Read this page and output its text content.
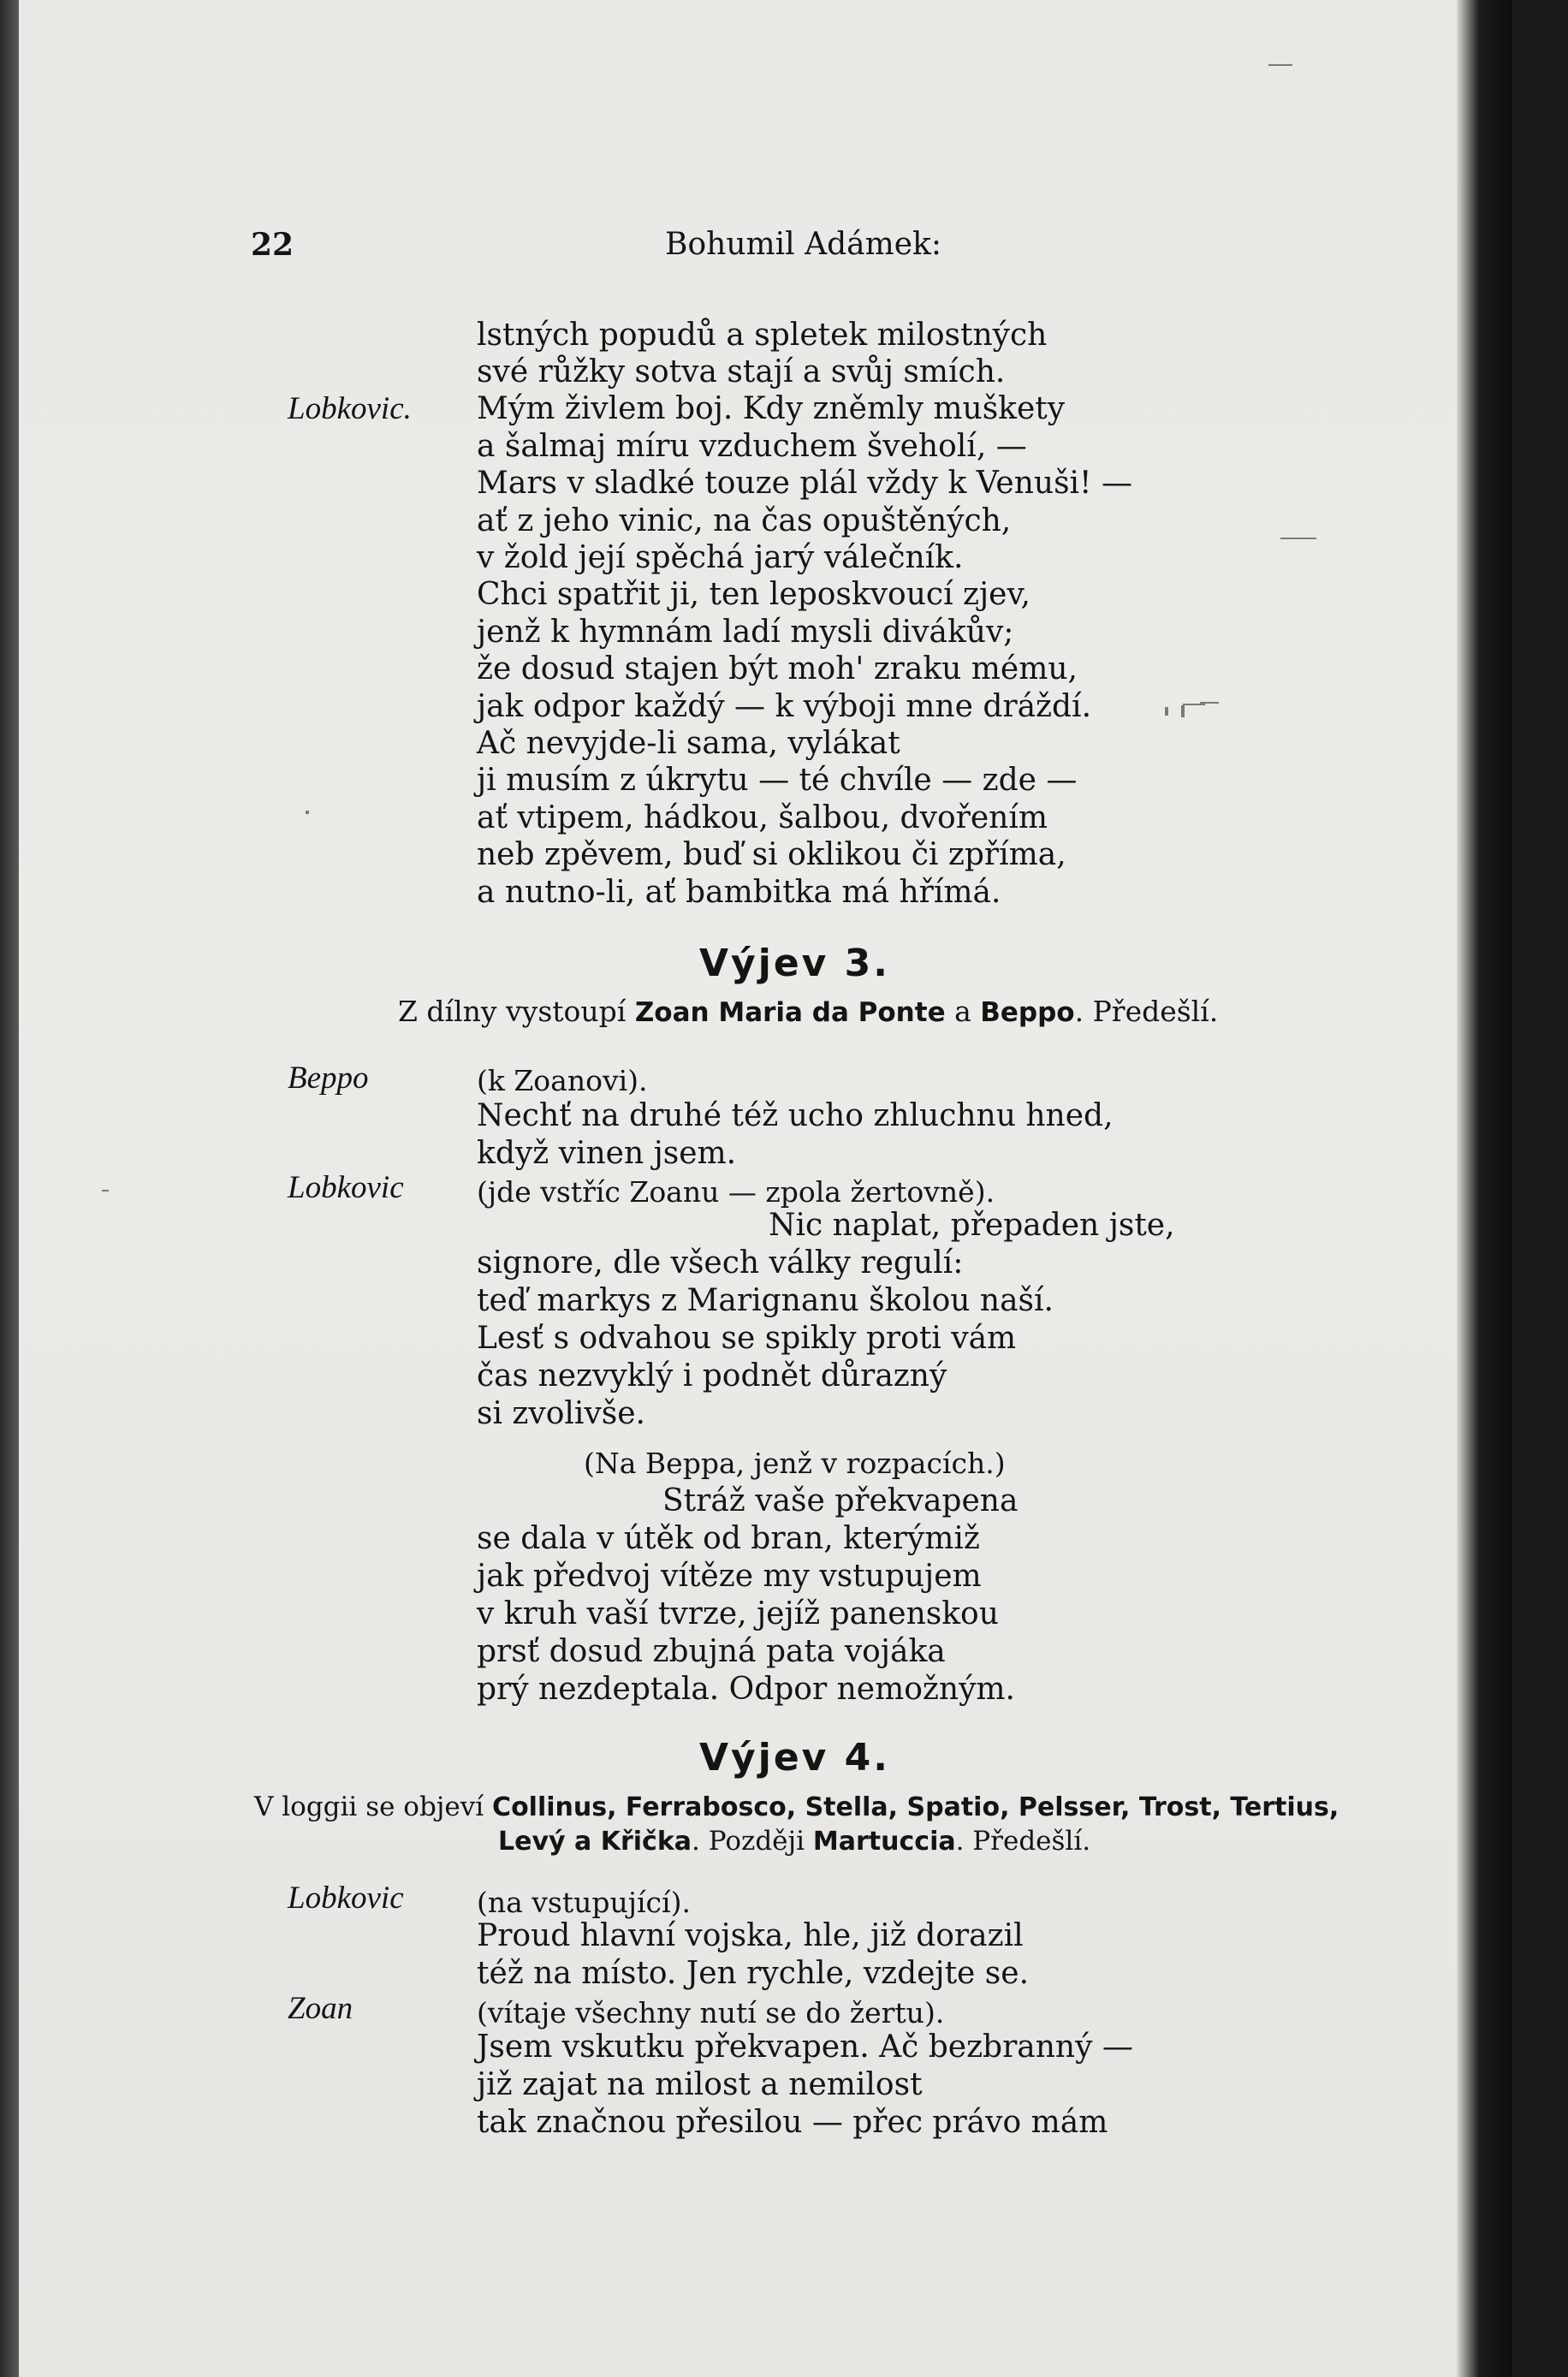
22	Bohumil Adámek:
lstných popudů a spletek milostných
své růžky sotva stají a svůj smích.
Lobkovic. Mým živlem boj. Kdy zněmly muškety
a šalmaj míru vzduchem šveholí, —
Mars v sladké touze plál vždy k Venuši! —
ať z jeho vinic, na čas opuštěných,
v žold její spěchá jarý válečník.
Chci spatřit ji, ten leposkvoucí zjev,
jenž k hymnám ladí mysli divákův;
že dosud stajen být moh' zraku mému,
jak odpor každý — k výboji mne dráždí.
Ač nevyjde-li sama, vylákat
ji musím z úkrytu — té chvíle — zde —
ať vtipem, hádkou, šalbou, dvořením
neb zpěvem, buď si oklikou či zpříma,
a nutno-li, ať bambitka má hřímá.
Výjev 3.
Z dílny vystoupí Zoan Maria da Ponte a Beppo. Předešlí.
Beppo	(k Zoanovi).
Nechť na druhé též ucho zhluchnu hned,
když vinen jsem.
Lobkovic	(jde vstříc Zoanu — zpola žertovně).
Nic naplat, přepaden jste,
signore, dle všech války regulí:
teď markys z Marignanu školou naší.
Lesť s odvahou se spikly proti vám
čas nezvyklý i podnět důrazný
si zvolivše.
(Na Beppa, jenž v rozpacích.)
Stráž vaše překvapena
se dala v útěk od bran, kterýmiž
jak předvoj vítěze my vstupujem
v kruh vaší tvrze, jejíž panenskou
prsť dosud zbujná pata vojáka
prý nezdeptala. Odpor nemožným.
Výjev 4.
V loggii se objeví Collinus, Ferrabosco, Stella, Spatio, Pelsser, Trost, Tertius,
Levý a Křička. Později Martuccia. Předešlí.
Lobkovic	(na vstupující).
Proud hlavní vojska, hle, již dorazil
též na místo. Jen rychle, vzdejte se.
Zoan	(vítaje všechny nutí se do žertu).
Jsem vskutku překvapen. Ač bezbranný —
již zajat na milost a nemilost
tak značnou přesilou — přec právo mám
